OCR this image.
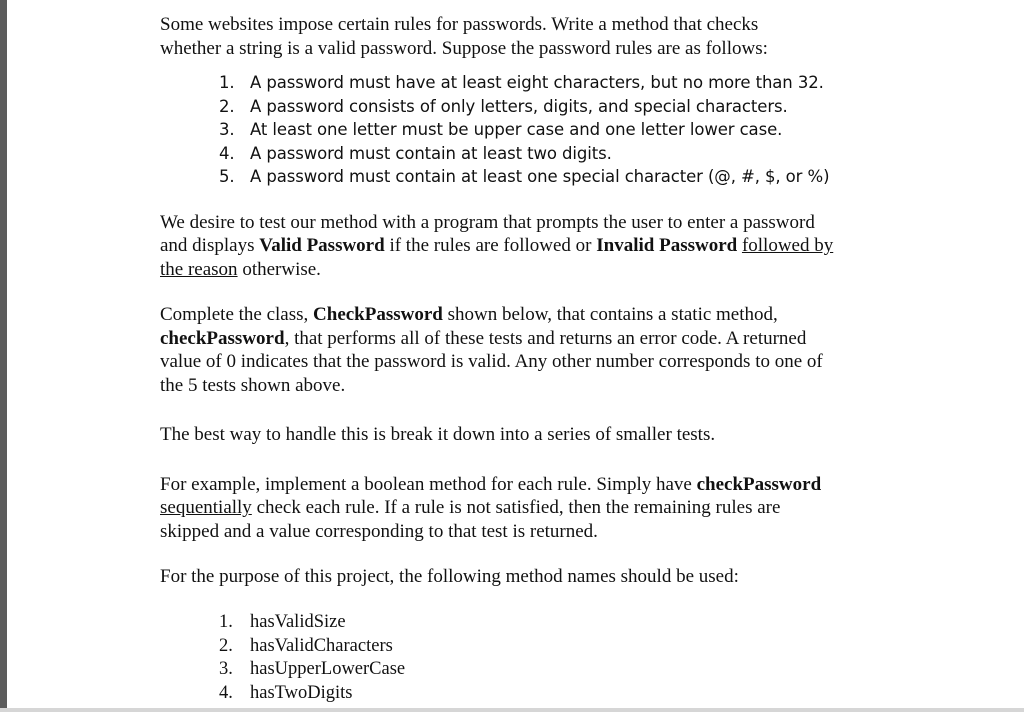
Some websites impose certain rules for passwords. Write a method that checks
whether a string is a valid password. Suppose the password rules are as follows:

1. A password must have at least eight characters, but no more than 32.
2. A password consists of only letters, digits, and special characters.
3. At least one letter must be upper case and one letter lower case.
4. A password must contain at least two digits.
5. A password must contain at least one special character (@, #, $, or %)

We desire to test our method with a program that prompts the user to enter a password
and displays Valid Password if the rules are followed or Invalid Password followed by
the reason otherwise.

Complete the class, CheckPassword shown below, that contains a static method,
checkPassword, that performs all of these tests and returns an error code. A returned
value of 0 indicates that the password is valid. Any other number corresponds to one of
the 5 tests shown above.

The best way to handle this is break it down into a series of smaller tests.

For example, implement a boolean method for each rule. Simply have checkPassword
sequentially check each rule. If a rule is not satisfied, then the remaining rules are
skipped and a value corresponding to that test is returned.

For the purpose of this project, the following method names should be used:

1. hasValidSize
2. hasValidCharacters
3. hasUpperLowerCase
4. hasTwoDigits
